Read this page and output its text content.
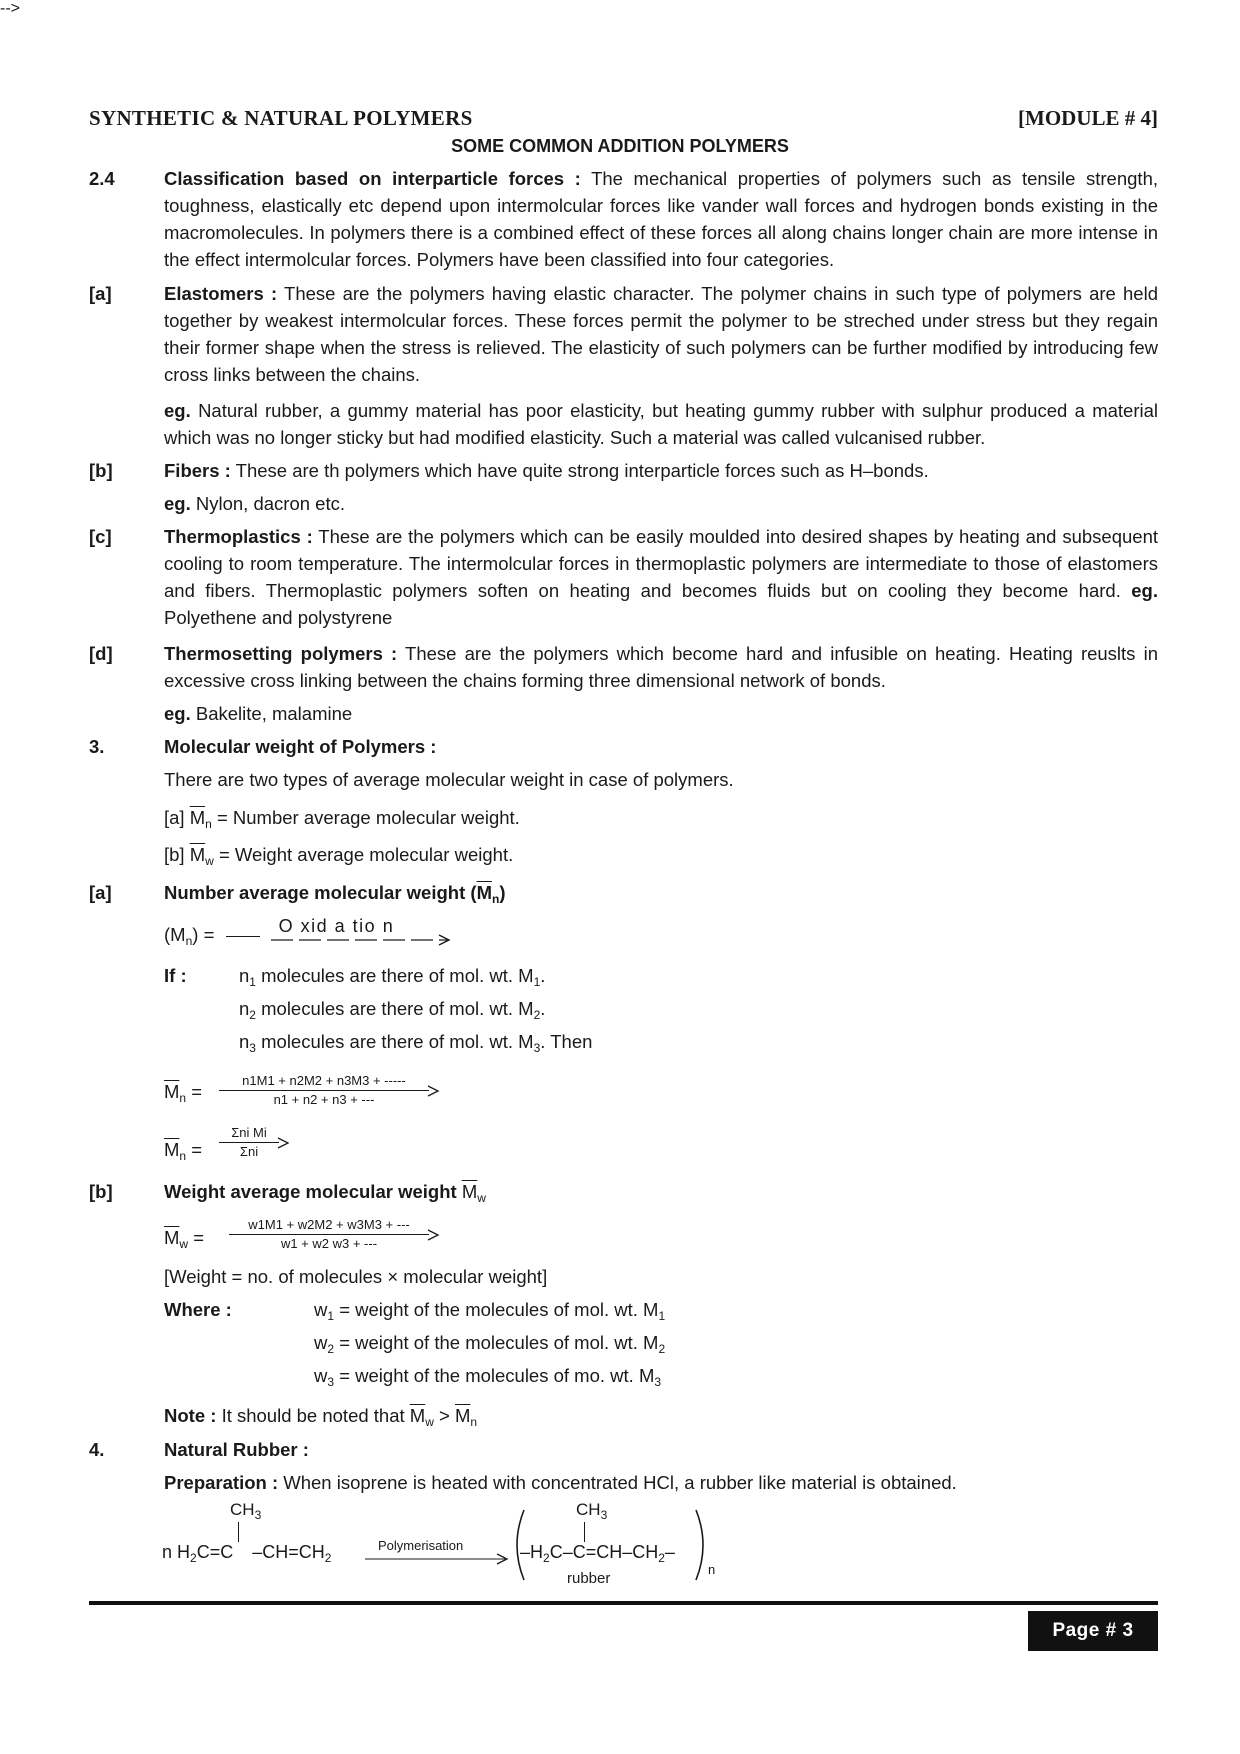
SYNTHETIC & NATURAL POLYMERS	[MODULE # 4]
SOME COMMON ADDITION POLYMERS
2.4	Classification based on interparticle forces : The mechanical properties of polymers such as tensile strength, toughness, elastically etc depend upon intermolcular forces like vander wall forces and hydrogen bonds existing in the macromolecules. In polymers there is a combined effect of these forces all along chains longer chain are more intense in the effect intermolcular forces. Polymers have been classified into four categories.
[a]	Elastomers : These are the polymers having elastic character. The polymer chains in such type of polymers are held together by weakest intermolcular forces. These forces permit the polymer to be streched under stress but they regain their former shape when the stress is relieved. The elasticity of such polymers can be further modified by introducing few cross links between the chains.
eg. Natural rubber, a gummy material has poor elasticity, but heating gummy rubber with sulphur produced a material which was no longer sticky but had modified elasticity. Such a material was called vulcanised rubber.
[b]	Fibers : These are th polymers which have quite strong interparticle forces such as H–bonds.
eg. Nylon, dacron etc.
[c]	Thermoplastics : These are the polymers which can be easily moulded into desired shapes by heating and subsequent cooling to room temperature. The intermolcular forces in thermoplastic polymers are intermediate to those of elastomers and fibers. Thermoplastic polymers soften on heating and becomes fluids but on cooling they become hard. eg. Polyethene and polystyrene
[d]	Thermosetting polymers : These are the polymers which become hard and infusible on heating. Heating reuslts in excessive cross linking between the chains forming three dimensional network of bonds.
eg. Bakelite, malamine
3.	Molecular weight of Polymers :
There are two types of average molecular weight in case of polymers.
[a] $\overline{M}_n$ = Number average molecular weight.
[b] $\overline{M}_w$ = Weight average molecular weight.
[a]	Number average molecular weight $(\overline{M}_n)$
-->
$(M_n)$ =	O xid a tio n
If :	$n_1$ molecules are there of mol. wt. $M_1$.
$n_2$ molecules are there of mol. wt. $M_2$.
$n_3$ molecules are there of mol. wt. $M_3$. Then
$\overline{M}_n$ =
n1M1 + n2M2 + n3M3 + -----
n1 + n2 + n3 + ---
$\overline{M}_n$ =
Σni Mi
Σni
[b]	Weight average molecular weight $\overline{M}_w$
$\overline{M}_w$ =
w1M1 + w2M2 + w3M3 + ---
w1 + w2 w3 + ---
[Weight = no. of molecules × molecular weight]
Where :	$w_1$ = weight of the molecules of mol. wt. $M_1$
$w_2$ = weight of the molecules of mol. wt. $M_2$
$w_3$ = weight of the molecules of mo. wt. $M_3$
Note : It should be noted that $\overline{M}_w > \overline{M}_n$
4.	Natural Rubber :
Preparation : When isoprene is heated with concentrated HCl, a rubber like material is obtained.
$CH_3$
n $H_2C=C$ $-CH=CH_2$
Polymerisation
$CH_3$
$-H_2C-C=CH-CH_2-$
n
rubber
Page # 3
